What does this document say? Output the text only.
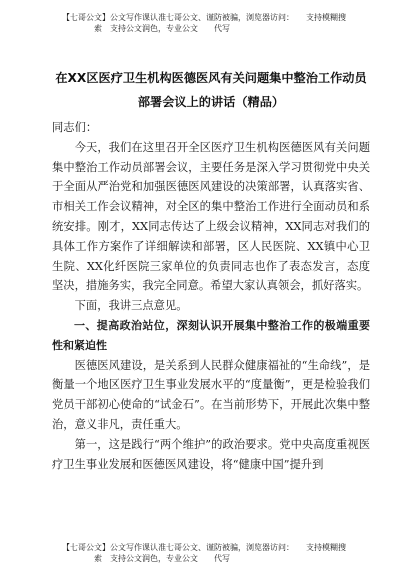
【七哥公文】公文写作课认准七哥公文、谨防被骗，浏览器访问：　　支持模糊搜
索　支持公文润色，专业公文　　代写
在XX区医疗卫生机构医德医风有关问题集中整治工作动员部署会议上的讲话（精品）

同志们：

今天，我们在这里召开全区医疗卫生机构医德医风有关问题集中整治工作动员部署会议，主要任务是深入学习贯彻党中央关于全面从严治党和加强医德医风建设的决策部署，认真落实省、市相关工作会议精神，对全区的集中整治工作进行全面动员和系统安排。刚才，XX同志传达了上级会议精神，XX同志对我们的具体工作方案作了详细解读和部署，区人民医院、XX镇中心卫生院、XX化纤医院三家单位的负责同志也作了表态发言，态度坚决，措施务实，我完全同意。希望大家认真领会，抓好落实。

下面，我讲三点意见。

一、提高政治站位，深刻认识开展集中整治工作的极端重要性和紧迫性

医德医风建设，是关系到人民群众健康福祉的“生命线”，是衡量一个地区医疗卫生事业发展水平的“度量衡”，更是检验我们党员干部初心使命的“试金石”。在当前形势下，开展此次集中整治，意义非凡，责任重大。

第一，这是践行“两个维护”的政治要求。党中央高度重视医疗卫生事业发展和医德医风建设，将“健康中国”提升到

【七哥公文】公文写作课认准七哥公文、谨防被骗，浏览器访问：　　支持模糊搜
索　支持公文润色，专业公文　　代写
